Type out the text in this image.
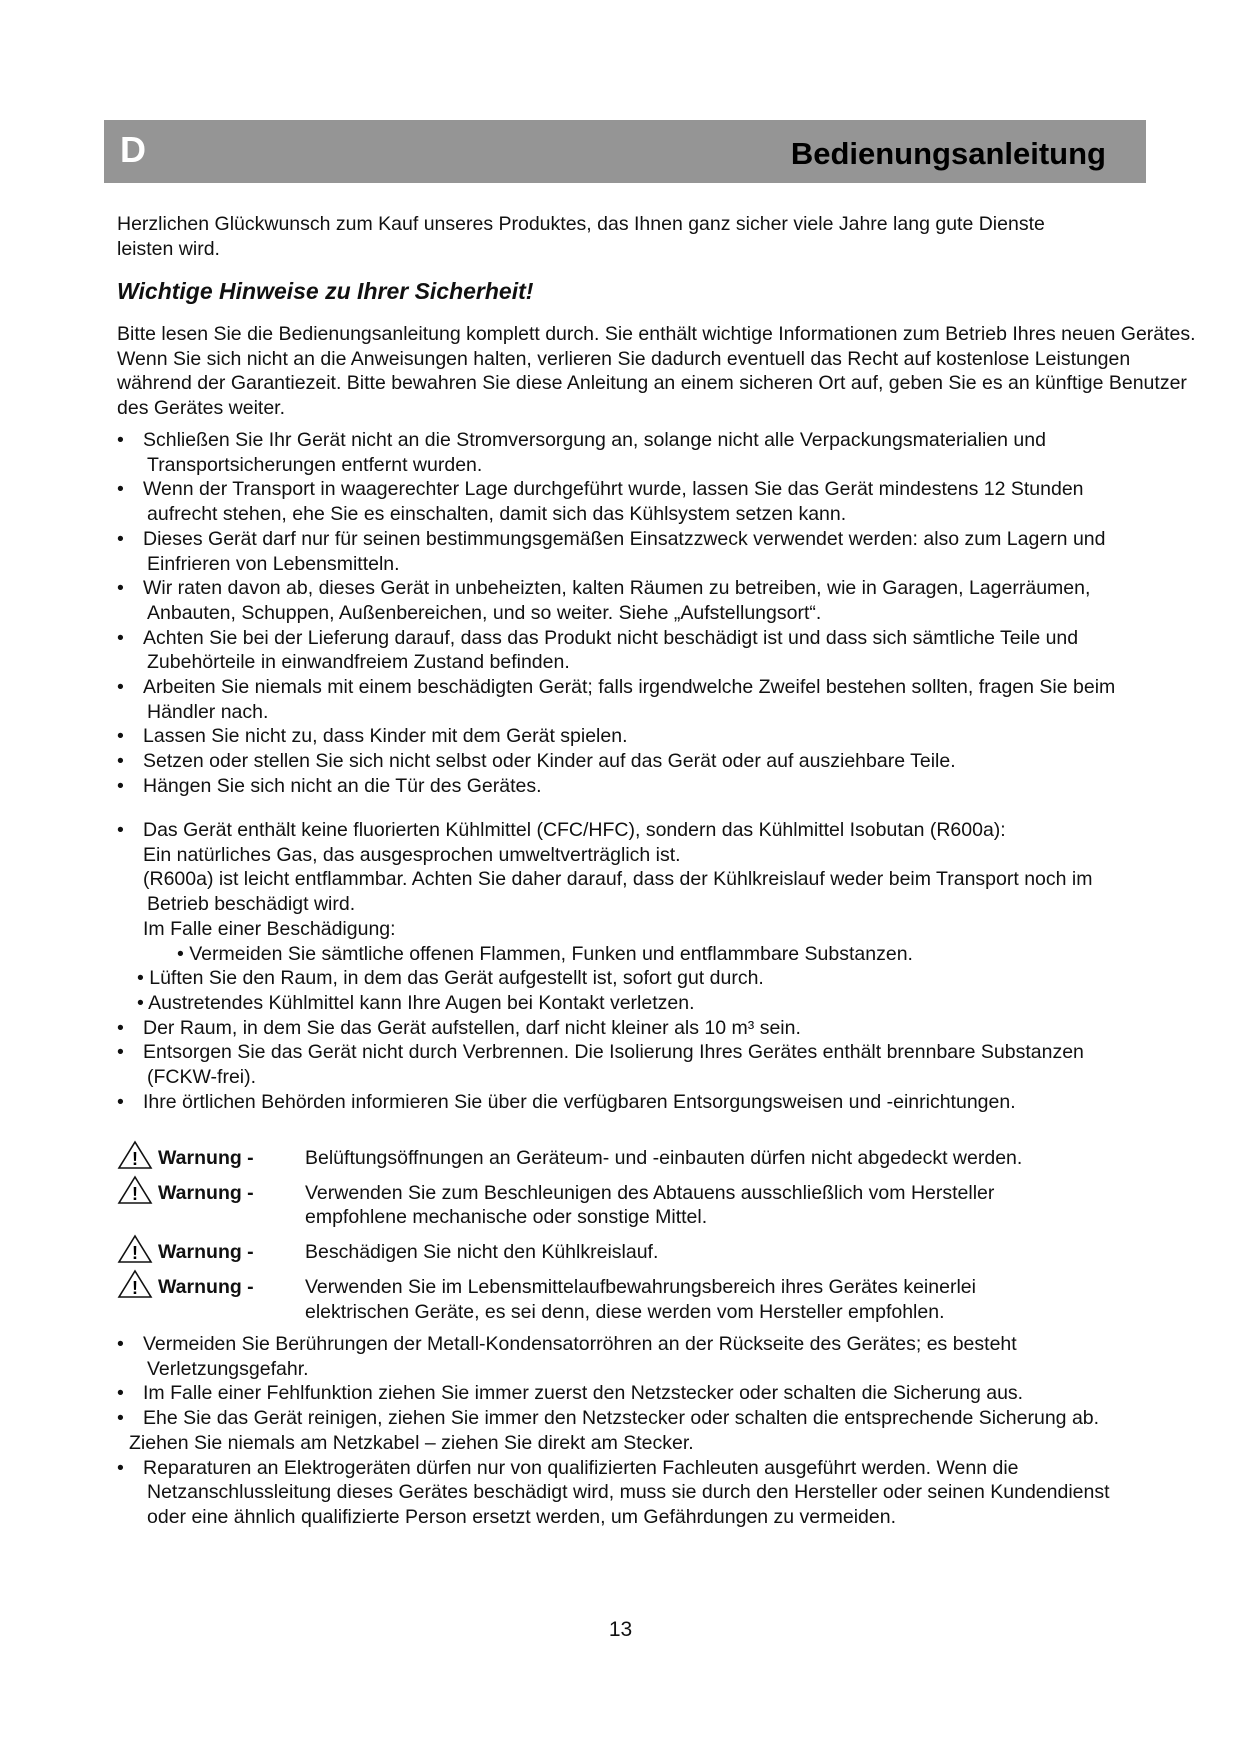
D	Bedienungsanleitung
Herzlichen Glückwunsch zum Kauf unseres Produktes, das Ihnen ganz sicher viele Jahre lang gute Dienste leisten wird.
Wichtige Hinweise zu Ihrer Sicherheit!
Bitte lesen Sie die Bedienungsanleitung komplett durch. Sie enthält wichtige Informationen zum Betrieb Ihres neuen Gerätes. Wenn Sie sich nicht an die Anweisungen halten, verlieren Sie dadurch eventuell das Recht auf kostenlose Leistungen während der Garantiezeit. Bitte bewahren Sie diese Anleitung an einem sicheren Ort auf, geben Sie es an künftige Benutzer des Gerätes weiter.
• Schließen Sie Ihr Gerät nicht an die Stromversorgung an, solange nicht alle Verpackungsmaterialien und Transportsicherungen entfernt wurden.
• Wenn der Transport in waagerechter Lage durchgeführt wurde, lassen Sie das Gerät mindestens 12 Stunden aufrecht stehen, ehe Sie es einschalten, damit sich das Kühlsystem setzen kann.
• Dieses Gerät darf nur für seinen bestimmungsgemäßen Einsatzzweck verwendet werden: also zum Lagern und Einfrieren von Lebensmitteln.
• Wir raten davon ab, dieses Gerät in unbeheizten, kalten Räumen zu betreiben, wie in Garagen, Lagerräumen, Anbauten, Schuppen, Außenbereichen, und so weiter. Siehe „Aufstellungsort“.
• Achten Sie bei der Lieferung darauf, dass das Produkt nicht beschädigt ist und dass sich sämtliche Teile und Zubehörteile in einwandfreiem Zustand befinden.
• Arbeiten Sie niemals mit einem beschädigten Gerät; falls irgendwelche Zweifel bestehen sollten, fragen Sie beim Händler nach.
• Lassen Sie nicht zu, dass Kinder mit dem Gerät spielen.
• Setzen oder stellen Sie sich nicht selbst oder Kinder auf das Gerät oder auf ausziehbare Teile.
• Hängen Sie sich nicht an die Tür des Gerätes.
• Das Gerät enthält keine fluorierten Kühlmittel (CFC/HFC), sondern das Kühlmittel Isobutan (R600a):
Ein natürliches Gas, das ausgesprochen umweltverträglich ist.
(R600a) ist leicht entflammbar. Achten Sie daher darauf, dass der Kühlkreislauf weder beim Transport noch im Betrieb beschädigt wird.
Im Falle einer Beschädigung:
• Vermeiden Sie sämtliche offenen Flammen, Funken und entflammbare Substanzen.
• Lüften Sie den Raum, in dem das Gerät aufgestellt ist, sofort gut durch.
• Austretendes Kühlmittel kann Ihre Augen bei Kontakt verletzen.
• Der Raum, in dem Sie das Gerät aufstellen, darf nicht kleiner als 10 m³ sein.
• Entsorgen Sie das Gerät nicht durch Verbrennen. Die Isolierung Ihres Gerätes enthält brennbare Substanzen (FCKW-frei).
• Ihre örtlichen Behörden informieren Sie über die verfügbaren Entsorgungsweisen und -einrichtungen.
! Warnung -	Belüftungsöffnungen an Geräteum- und -einbauten dürfen nicht abgedeckt werden.
! Warnung -	Verwenden Sie zum Beschleunigen des Abtauens ausschließlich vom Hersteller empfohlene mechanische oder sonstige Mittel.
! Warnung -	Beschädigen Sie nicht den Kühlkreislauf.
! Warnung -	Verwenden Sie im Lebensmittelaufbewahrungsbereich ihres Gerätes keinerlei elektrischen Geräte, es sei denn, diese werden vom Hersteller empfohlen.
• Vermeiden Sie Berührungen der Metall-Kondensatorröhren an der Rückseite des Gerätes; es besteht Verletzungsgefahr.
• Im Falle einer Fehlfunktion ziehen Sie immer zuerst den Netzstecker oder schalten die Sicherung aus.
• Ehe Sie das Gerät reinigen, ziehen Sie immer den Netzstecker oder schalten die entsprechende Sicherung ab.
Ziehen Sie niemals am Netzkabel – ziehen Sie direkt am Stecker.
• Reparaturen an Elektrogeräten dürfen nur von qualifizierten Fachleuten ausgeführt werden. Wenn die Netzanschlussleitung dieses Gerätes beschädigt wird, muss sie durch den Hersteller oder seinen Kundendienst oder eine ähnlich qualifizierte Person ersetzt werden, um Gefährdungen zu vermeiden.
13
